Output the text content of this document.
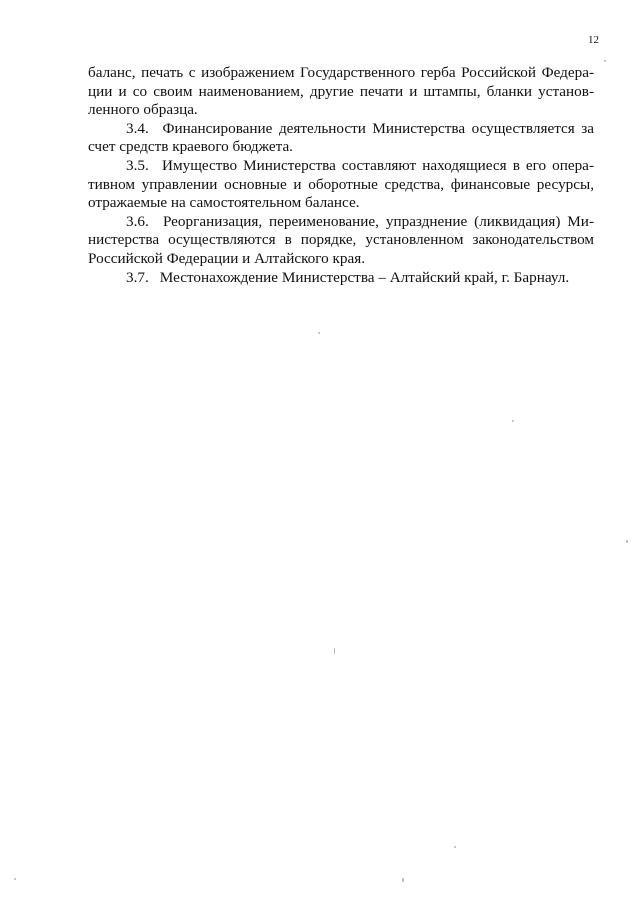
12

баланс, печать с изображением Государственного герба Российской Федерации и со своим наименованием, другие печати и штампы, бланки установленного образца.

3.4. Финансирование деятельности Министерства осуществляется за счет средств краевого бюджета.

3.5. Имущество Министерства составляют находящиеся в его оперативном управлении основные и оборотные средства, финансовые ресурсы, отражаемые на самостоятельном балансе.

3.6. Реорганизация, переименование, упразднение (ликвидация) Министерства осуществляются в порядке, установленном законодательством Российской Федерации и Алтайского края.

3.7. Местонахождение Министерства – Алтайский край, г. Барнаул.
